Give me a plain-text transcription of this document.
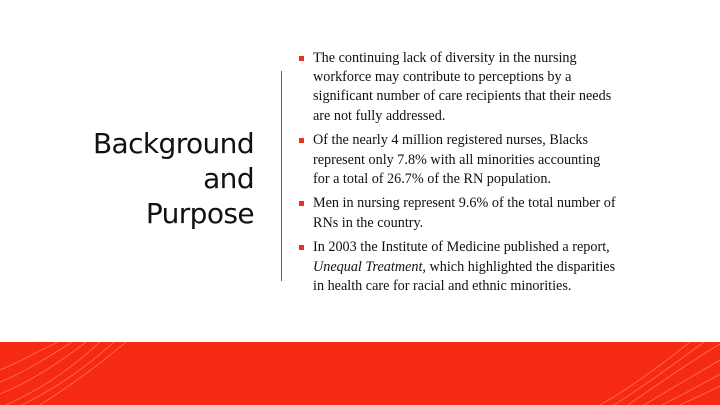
Background
and
Purpose
The continuing lack of diversity in the nursing workforce may contribute to perceptions by a significant number of care recipients that their needs are not fully addressed.
Of the nearly 4 million registered nurses, Blacks represent only 7.8% with all minorities accounting for a total of 26.7% of the RN population.
Men in nursing represent 9.6% of the total number of RNs in the country.
In 2003 the Institute of Medicine published a report, Unequal Treatment, which highlighted the disparities in health care for racial and ethnic minorities.
